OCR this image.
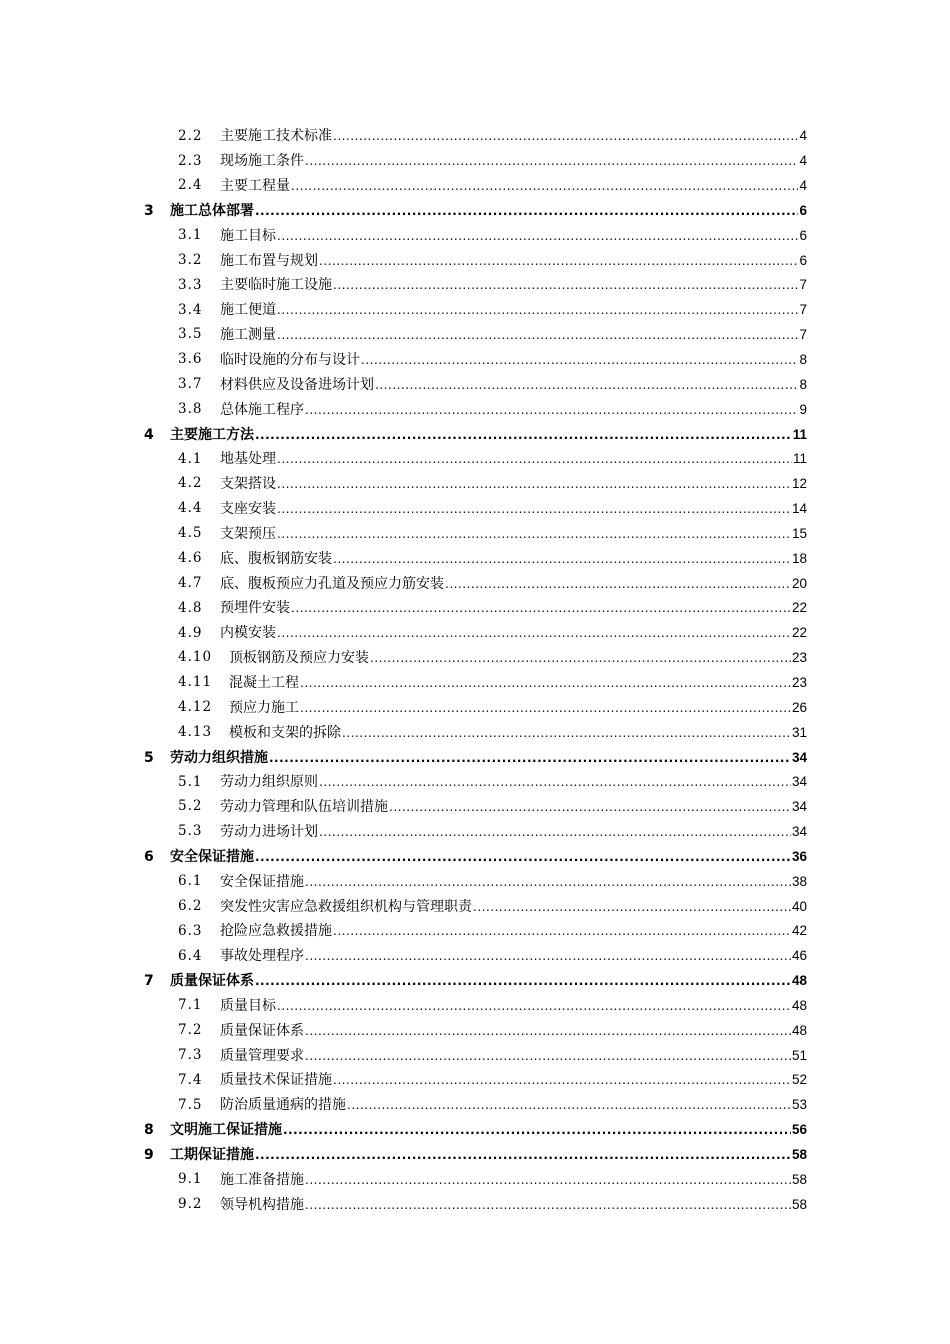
2.2 主要施工技术标准 .....	4
2.3 现场施工条件 .....	4
2.4 主要工程量 .....	4
3 施工总体部署 .....	6
3.1 施工目标 .....	6
3.2 施工布置与规划 .....	6
3.3 主要临时施工设施 .....	7
3.4 施工便道 .....	7
3.5 施工测量 .....	7
3.6 临时设施的分布与设计 .....	8
3.7 材料供应及设备进场计划 .....	8
3.8 总体施工程序 .....	9
4 主要施工方法 .....	11
4.1 地基处理 .....	11
4.2 支架搭设 .....	12
4.4 支座安装 .....	14
4.5 支架预压 .....	15
4.6 底、腹板钢筋安装 .....	18
4.7 底、腹板预应力孔道及预应力筋安装 .....	20
4.8 预埋件安装 .....	22
4.9 内模安装 .....	22
4.10 顶板钢筋及预应力安装 .....	23
4.11 混凝土工程 .....	23
4.12 预应力施工 .....	26
4.13 模板和支架的拆除 .....	31
5 劳动力组织措施 .....	34
5.1 劳动力组织原则 .....	34
5.2 劳动力管理和队伍培训措施 .....	34
5.3 劳动力进场计划 .....	34
6 安全保证措施 .....	36
6.1 安全保证措施 .....	38
6.2 突发性灾害应急救援组织机构与管理职责 .....	40
6.3 抢险应急救援措施 .....	42
6.4 事故处理程序 .....	46
7 质量保证体系 .....	48
7.1 质量目标 .....	48
7.2 质量保证体系 .....	48
7.3 质量管理要求 .....	51
7.4 质量技术保证措施 .....	52
7.5 防治质量通病的措施 .....	53
8 文明施工保证措施 .....	56
9 工期保证措施 .....	58
9.1 施工准备措施 .....	58
9.2 领导机构措施 .....	58
